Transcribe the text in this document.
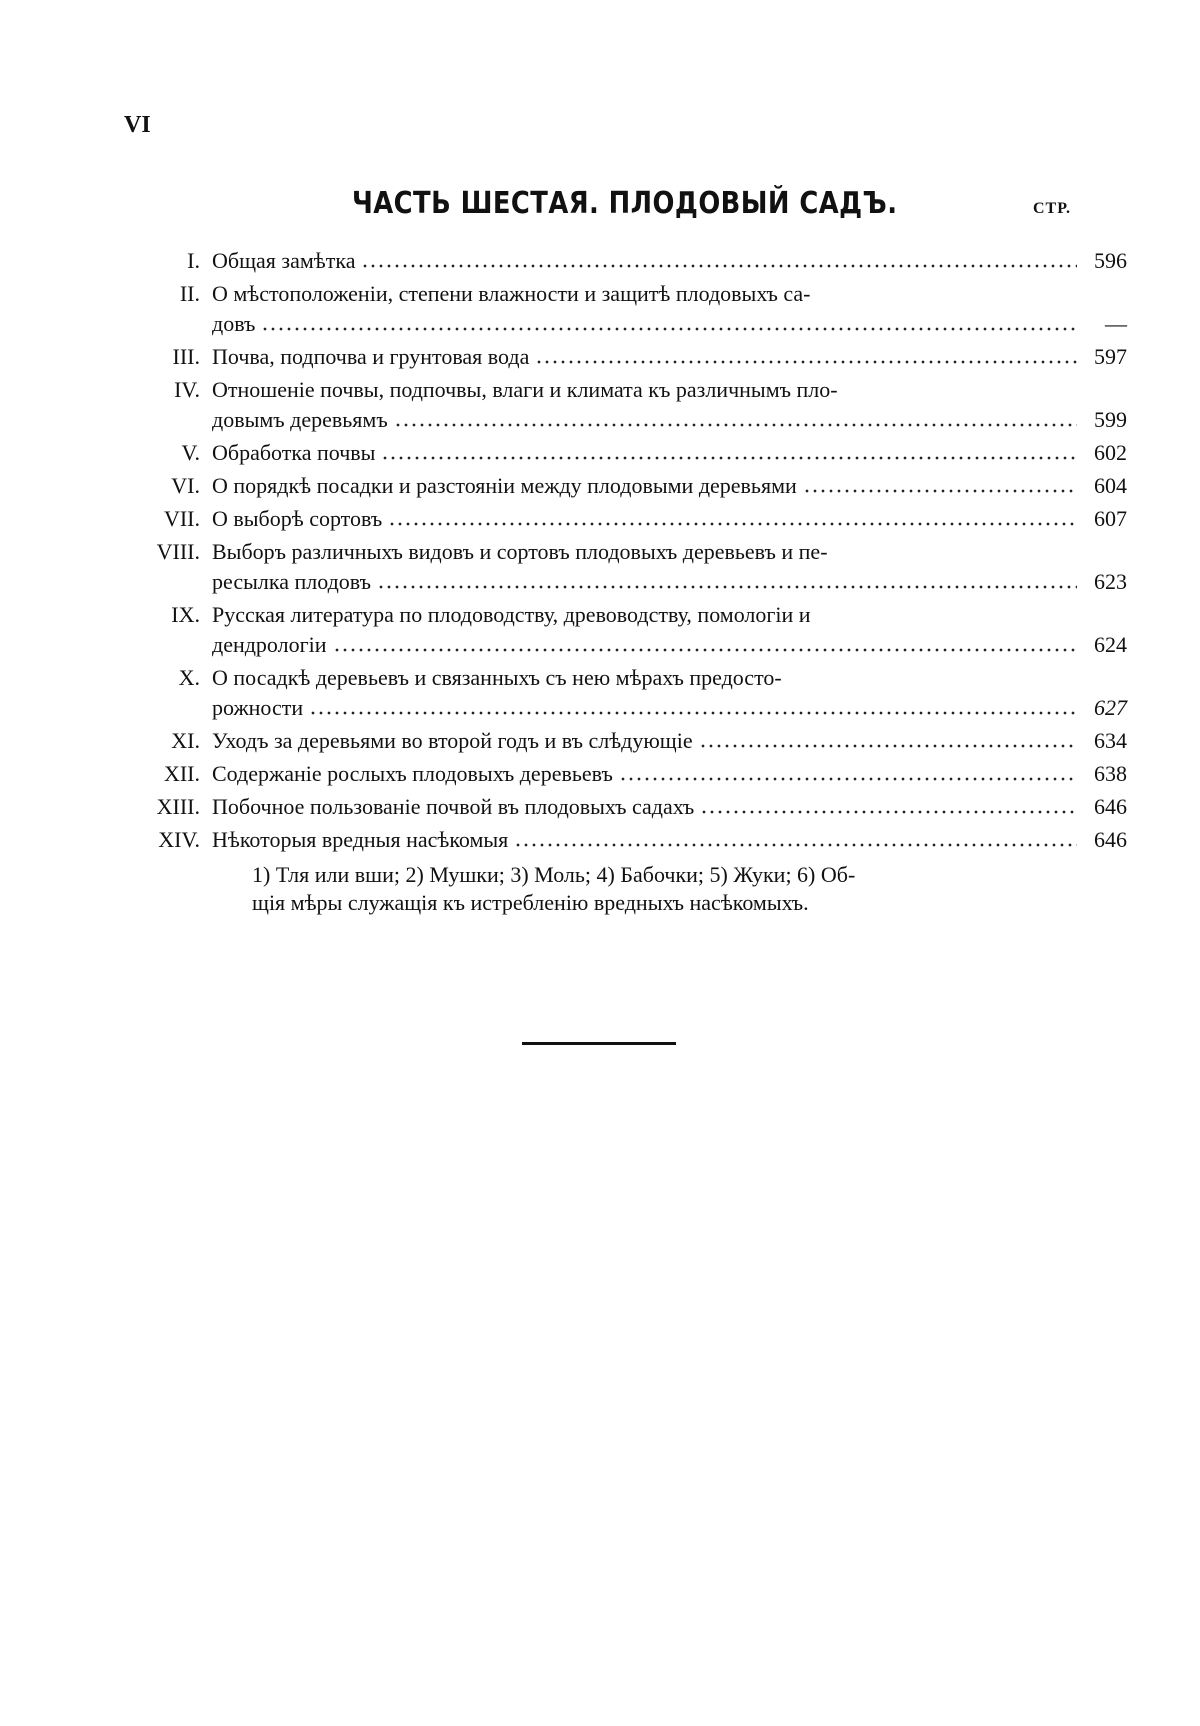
VI
ЧАСТЬ ШЕСТАЯ. ПЛОДОВЫЙ САДЪ.	СТР.
I. Общая замѣтка	596
II. О мѣстоположеніи, степени влажности и защитѣ плодовыхъ са-
довъ	—
III. Почва, подпочва и грунтовая вода	597
IV. Отношеніе почвы, подпочвы, влаги и климата къ различнымъ пло-
довымъ деревьямъ	599
V. Обработка почвы	602
VI. О порядкѣ посадки и разстояніи между плодовыми деревьями	604
VII. О выборѣ сортовъ	607
VIII. Выборъ различныхъ видовъ и сортовъ плодовыхъ деревьевъ и пе-
ресылка плодовъ	623
IX. Русская литература по плодоводству, древоводству, помологіи и
дендрологіи	624
X. О посадкѣ деревьевъ и связанныхъ съ нею мѣрахъ предосто-
рожности	627
XI. Уходъ за деревьями во второй годъ и въ слѣдующіе	634
XII. Содержаніе рослыхъ плодовыхъ деревьевъ	638
XIII. Побочное пользованіе почвой въ плодовыхъ садахъ	646
XIV. Нѣкоторыя вредныя насѣкомыя	646
1) Тля или вши; 2) Мушки; 3) Моль; 4) Бабочки; 5) Жуки; 6) Об-
щія мѣры служащія къ истребленію вредныхъ насѣкомыхъ.
